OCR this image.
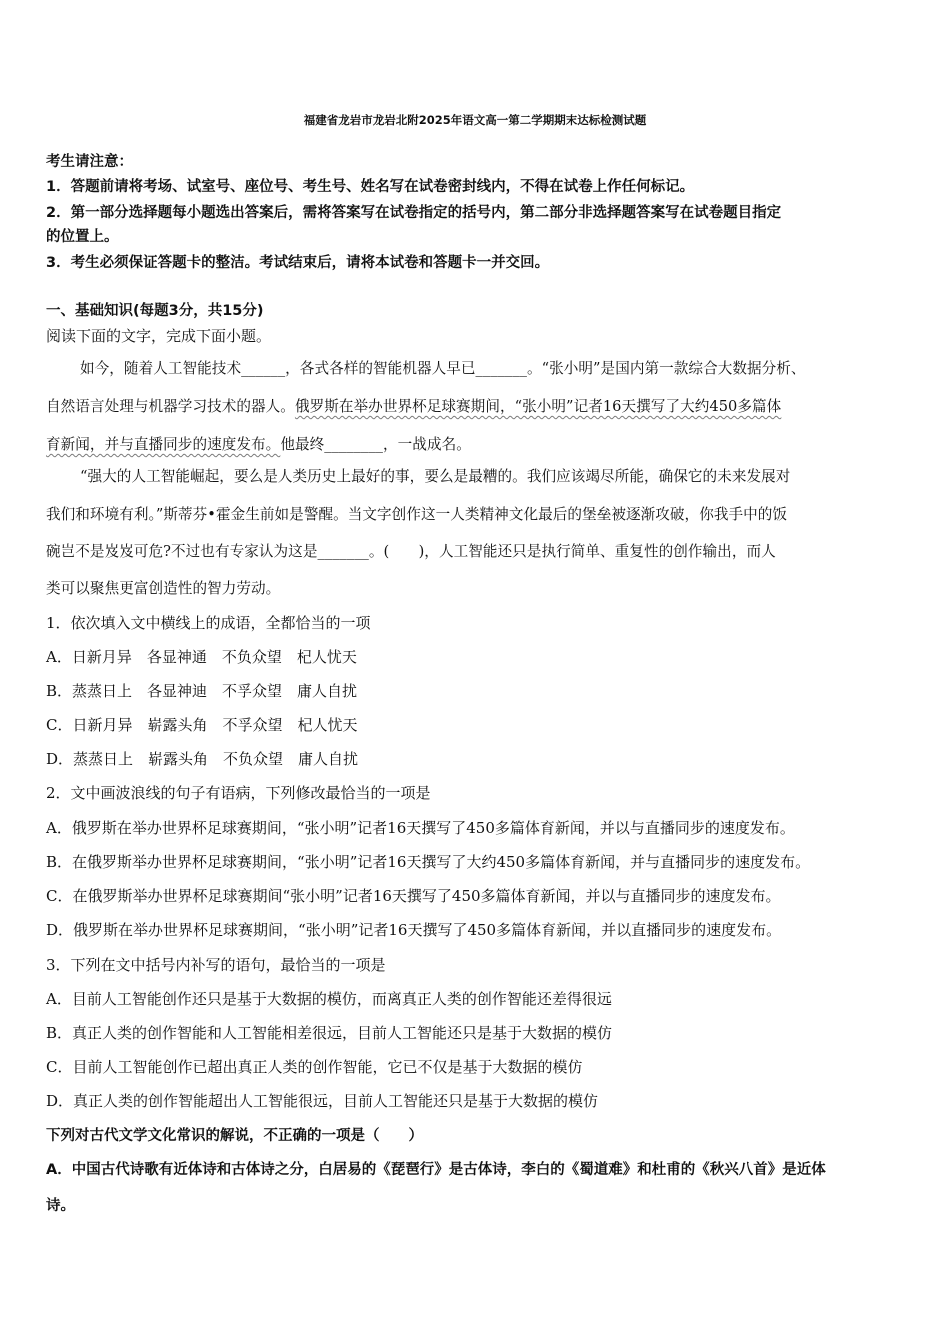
福建省龙岩市龙岩北附2025年语文高一第二学期期末达标检测试题
考生请注意：
1．答题前请将考场、试室号、座位号、考生号、姓名写在试卷密封线内，不得在试卷上作任何标记。
2．第一部分选择题每小题选出答案后，需将答案写在试卷指定的括号内，第二部分非选择题答案写在试卷题目指定
的位置上。
3．考生必须保证答题卡的整洁。考试结束后，请将本试卷和答题卡一并交回。
一、基础知识(每题3分，共15分)
阅读下面的文字，完成下面小题。
如今，随着人工智能技术______，各式各样的智能机器人早已_______。“张小明”是国内第一款综合大数据分析、
自然语言处理与机器学习技术的器人。俄罗斯在举办世界杯足球赛期间，“张小明”记者16天撰写了大约450多篇体
育新闻，并与直播同步的速度发布。他最终________，一战成名。
“强大的人工智能崛起，要么是人类历史上最好的事，要么是最糟的。我们应该竭尽所能，确保它的未来发展对
我们和环境有利。”斯蒂芬•霍金生前如是警醒。当文字创作这一人类精神文化最后的堡垒被逐渐攻破，你我手中的饭
碗岂不是岌岌可危?不过也有专家认为这是_______。(　　)，人工智能还只是执行简单、重复性的创作输出，而人
类可以聚焦更富创造性的智力劳动。
1．依次填入文中横线上的成语，全都恰当的一项
A．日新月异　各显神通　不负众望　杞人忧天
B．蒸蒸日上　各显神迪　不孚众望　庸人自扰
C．日新月异　崭露头角　不孚众望　杞人忧天
D．蒸蒸日上　崭露头角　不负众望　庸人自扰
2．文中画波浪线的句子有语病，下列修改最恰当的一项是
A．俄罗斯在举办世界杯足球赛期间，“张小明”记者16天撰写了450多篇体育新闻，并以与直播同步的速度发布。
B．在俄罗斯举办世界杯足球赛期间，“张小明”记者16天撰写了大约450多篇体育新闻，并与直播同步的速度发布。
C．在俄罗斯举办世界杯足球赛期间“张小明”记者16天撰写了450多篇体育新闻，并以与直播同步的速度发布。
D．俄罗斯在举办世界杯足球赛期间，“张小明”记者16天撰写了450多篇体育新闻，并以直播同步的速度发布。
3．下列在文中括号内补写的语句，最恰当的一项是
A．目前人工智能创作还只是基于大数据的模仿，而离真正人类的创作智能还差得很远
B．真正人类的创作智能和人工智能相差很远，目前人工智能还只是基于大数据的模仿
C．目前人工智能创作已超出真正人类的创作智能，它已不仅是基于大数据的模仿
D．真正人类的创作智能超出人工智能很远，目前人工智能还只是基于大数据的模仿
下列对古代文学文化常识的解说，不正确的一项是（　　）
A．中国古代诗歌有近体诗和古体诗之分，白居易的《琵琶行》是古体诗，李白的《蜀道难》和杜甫的《秋兴八首》是近体
诗。
